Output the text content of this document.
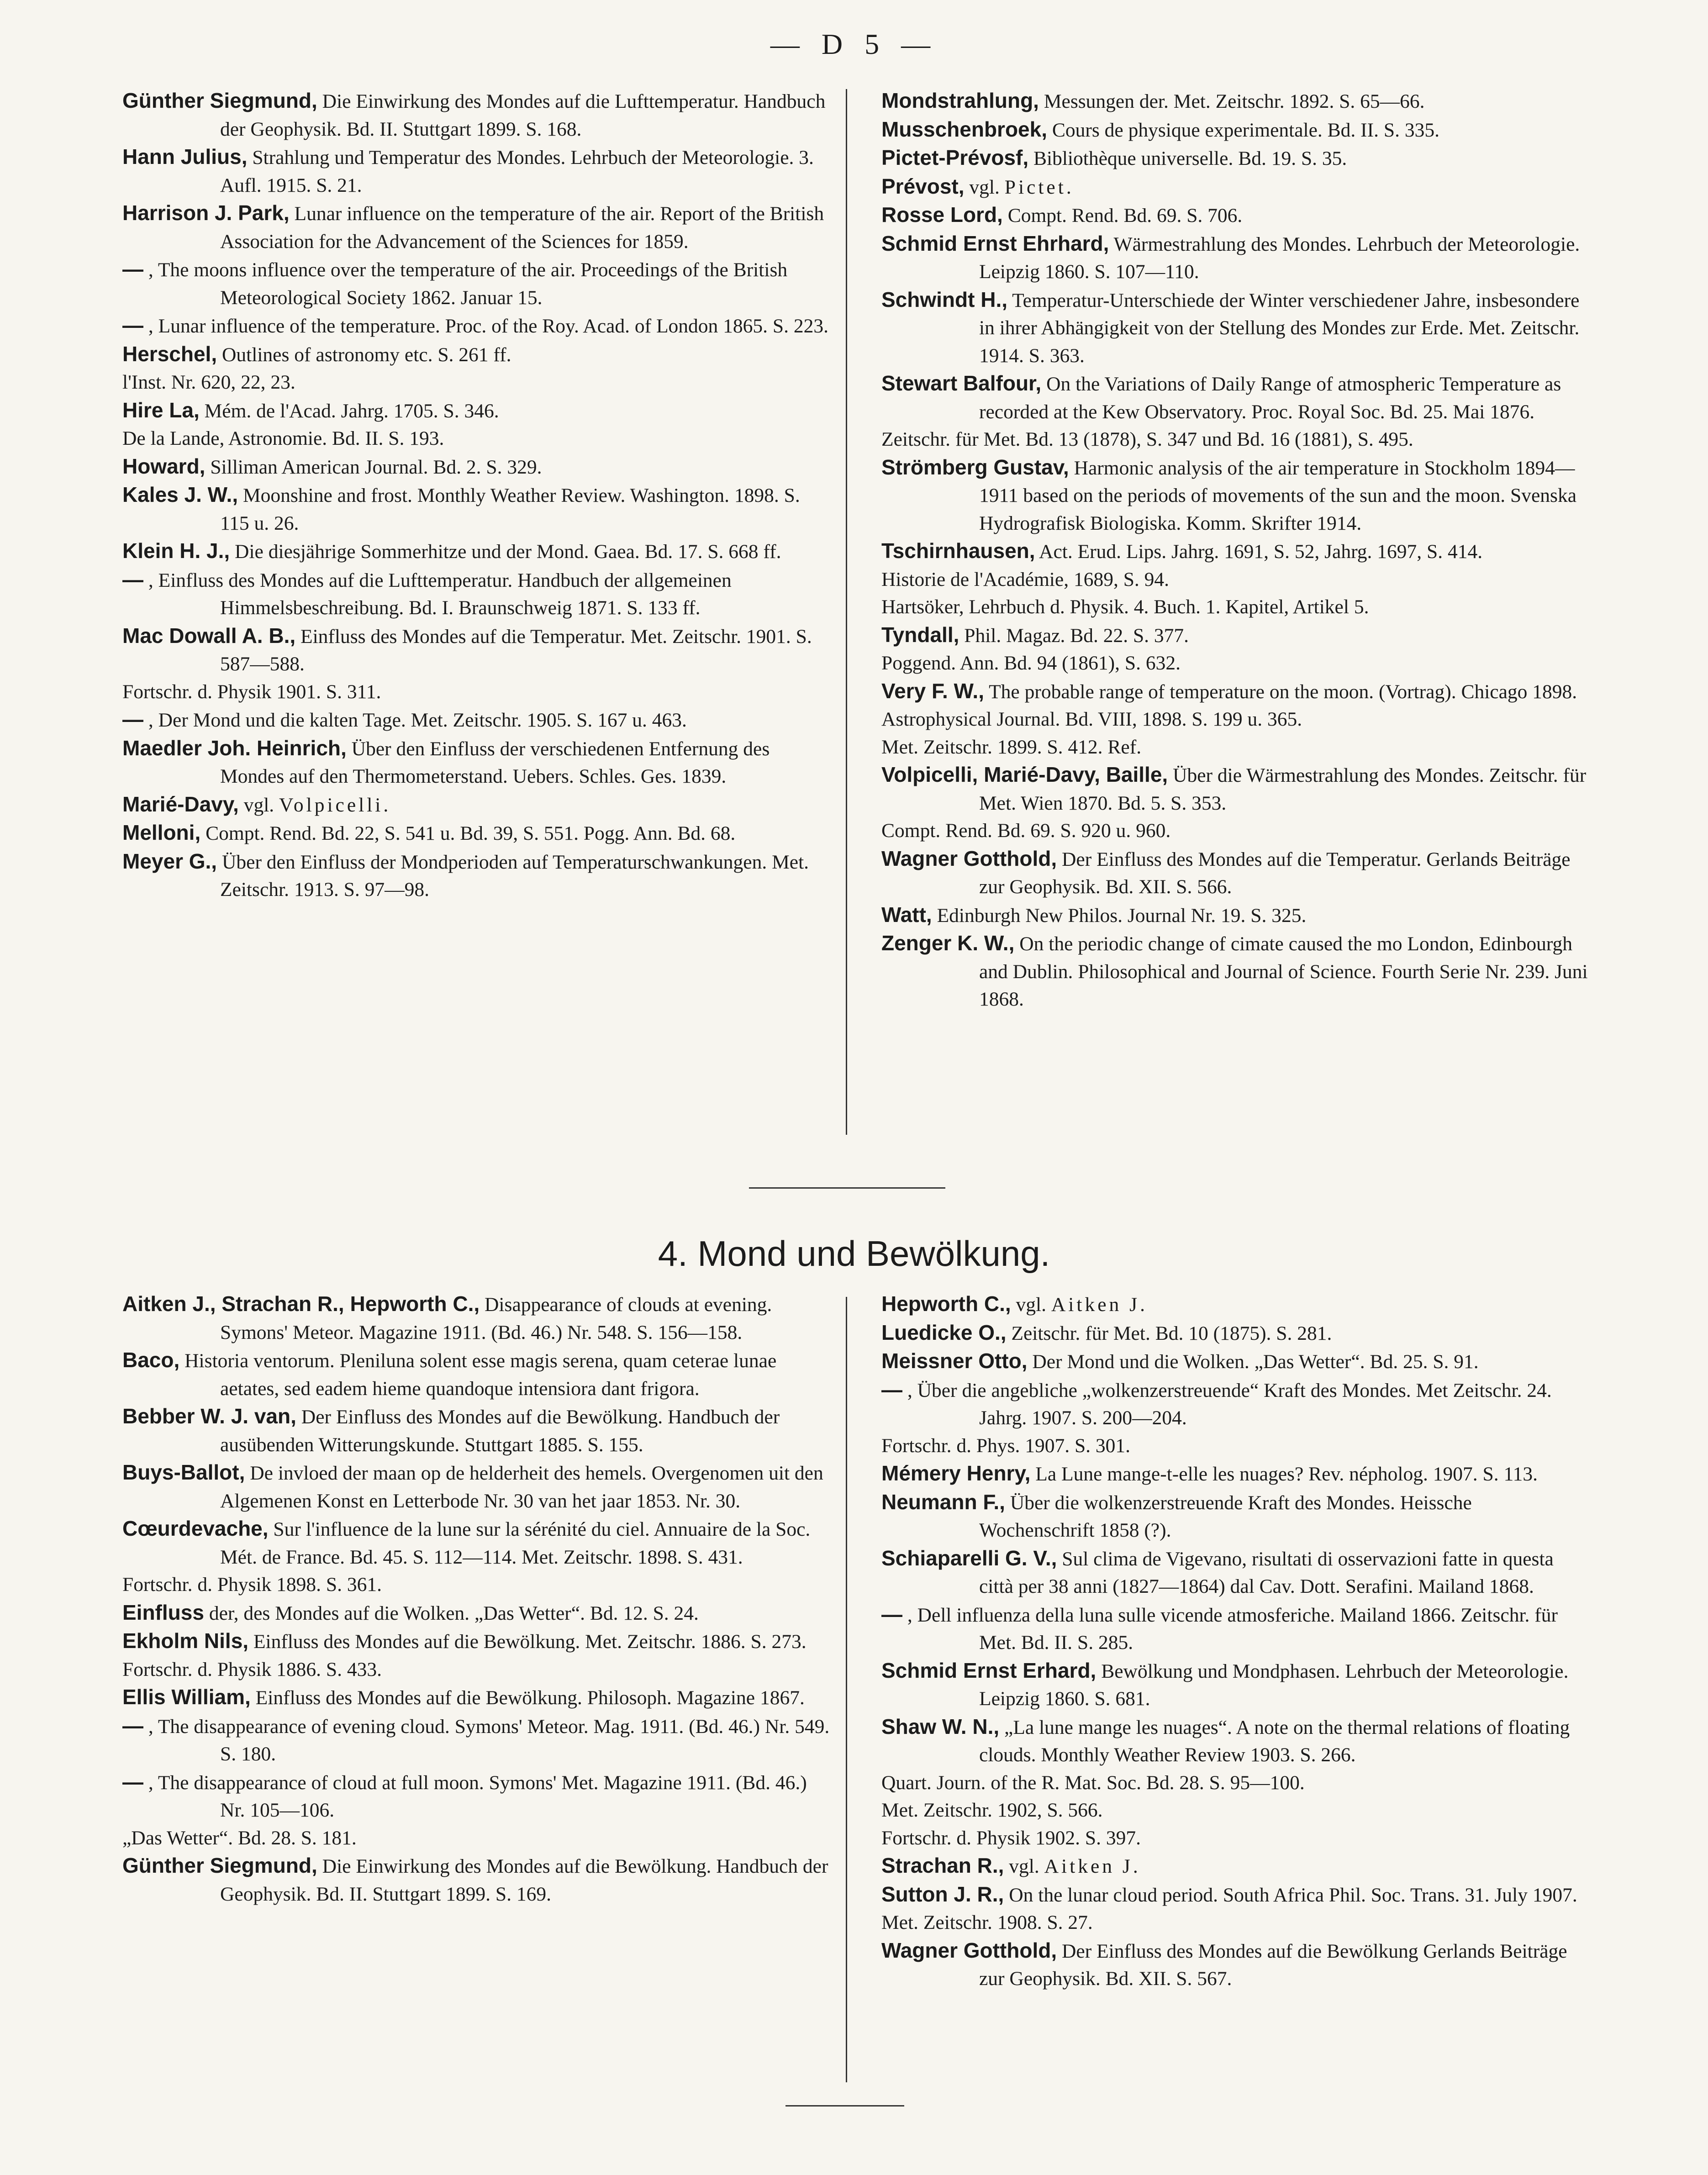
— D 5 —
Günther Siegmund, Die Einwirkung des Mondes auf die Lufttemperatur. Handbuch der Geophysik. Bd. II. Stuttgart 1899. S. 168.
Hann Julius, Strahlung und Temperatur des Mondes. Lehrbuch der Meteorologie. 3. Aufl. 1915. S. 21.
Harrison J. Park, Lunar influence on the temperature of the air. Report of the British Association for the Advancement of the Sciences for 1859.
— , The moons influence over the temperature of the air. Proceedings of the British Meteorological Society 1862. Januar 15.
— , Lunar influence of the temperature. Proc. of the Roy. Acad. of London 1865. S. 223.
Herschel, Outlines of astronomy etc. S. 261 ff.
l'Inst. Nr. 620, 22, 23.
Hire La, Mém. de l'Acad. Jahrg. 1705. S. 346.
De la Lande, Astronomie. Bd. II. S. 193.
Howard, Silliman American Journal. Bd. 2. S. 329.
Kales J. W., Moonshine and frost. Monthly Weather Review. Washington. 1898. S. 115 u. 26.
Klein H. J., Die diesjährige Sommerhitze und der Mond. Gaea. Bd. 17. S. 668 ff.
— , Einfluss des Mondes auf die Lufttemperatur. Handbuch der allgemeinen Himmelsbeschreibung. Bd. I. Braunschweig 1871. S. 133 ff.
Mac Dowall A. B., Einfluss des Mondes auf die Temperatur. Met. Zeitschr. 1901. S. 587—588.
Fortschr. d. Physik 1901. S. 311.
— , Der Mond und die kalten Tage. Met. Zeitschr. 1905. S. 167 u. 463.
Maedler Joh. Heinrich, Über den Einfluss der verschiedenen Entfernung des Mondes auf den Thermometerstand. Uebers. Schles. Ges. 1839.
Marié-Davy, vgl. Volpicelli.
Melloni, Compt. Rend. Bd. 22, S. 541 u. Bd. 39, S. 551. Pogg. Ann. Bd. 68.
Meyer G., Über den Einfluss der Mondperioden auf Temperaturschwankungen. Met. Zeitschr. 1913. S. 97—98.
Mondstrahlung, Messungen der. Met. Zeitschr. 1892. S. 65—66.
Musschenbroek, Cours de physique experimentale. Bd. II. S. 335.
Pictet-Prévosf, Bibliothèque universelle. Bd. 19. S. 35.
Prévost, vgl. Pictet.
Rosse Lord, Compt. Rend. Bd. 69. S. 706.
Schmid Ernst Ehrhard, Wärmestrahlung des Mondes. Lehrbuch der Meteorologie. Leipzig 1860. S. 107—110.
Schwindt H., Temperatur-Unterschiede der Winter verschiedener Jahre, insbesondere in ihrer Abhängigkeit von der Stellung des Mondes zur Erde. Met. Zeitschr. 1914. S. 363.
Stewart Balfour, On the Variations of Daily Range of atmospheric Temperature as recorded at the Kew Observatory. Proc. Royal Soc. Bd. 25. Mai 1876.
Zeitschr. für Met. Bd. 13 (1878), S. 347 und Bd. 16 (1881), S. 495.
Strömberg Gustav, Harmonic analysis of the air temperature in Stockholm 1894—1911 based on the periods of movements of the sun and the moon. Svenska Hydrografisk Biologiska. Komm. Skrifter 1914.
Tschirnhausen, Act. Erud. Lips. Jahrg. 1691, S. 52, Jahrg. 1697, S. 414.
Historie de l'Académie, 1689, S. 94.
Hartsöker, Lehrbuch d. Physik. 4. Buch. 1. Kapitel, Artikel 5.
Tyndall, Phil. Magaz. Bd. 22. S. 377.
Poggend. Ann. Bd. 94 (1861), S. 632.
Very F. W., The probable range of temperature on the moon. (Vortrag). Chicago 1898.
Astrophysical Journal. Bd. VIII, 1898. S. 199 u. 365.
Met. Zeitschr. 1899. S. 412. Ref.
Volpicelli, Marié-Davy, Baille, Über die Wärmestrahlung des Mondes. Zeitschr. für Met. Wien 1870. Bd. 5. S. 353.
Compt. Rend. Bd. 69. S. 920 u. 960.
Wagner Gotthold, Der Einfluss des Mondes auf die Temperatur. Gerlands Beiträge zur Geophysik. Bd. XII. S. 566.
Watt, Edinburgh New Philos. Journal Nr. 19. S. 325.
Zenger K. W., On the periodic change of cimate caused the mo London, Edinbourgh and Dublin. Philosophical and Journal of Science. Fourth Serie Nr. 239. Juni 1868.
4. Mond und Bewölkung.
Aitken J., Strachan R., Hepworth C., Disappearance of clouds at evening. Symons' Meteor. Magazine 1911. (Bd. 46.) Nr. 548. S. 156—158.
Baco, Historia ventorum. Pleniluna solent esse magis serena, quam ceterae lunae aetates, sed eadem hieme quandoque intensiora dant frigora.
Bebber W. J. van, Der Einfluss des Mondes auf die Bewölkung. Handbuch der ausübenden Witterungskunde. Stuttgart 1885. S. 155.
Buys-Ballot, De invloed der maan op de helderheit des hemels. Overgenomen uit den Algemenen Konst en Letterbode Nr. 30 van het jaar 1853. Nr. 30.
Cœurdevache, Sur l'influence de la lune sur la sérénité du ciel. Annuaire de la Soc. Mét. de France. Bd. 45. S. 112—114. Met. Zeitschr. 1898. S. 431.
Fortschr. d. Physik 1898. S. 361.
Einfluss der, des Mondes auf die Wolken. „Das Wetter“. Bd. 12. S. 24.
Ekholm Nils, Einfluss des Mondes auf die Bewölkung. Met. Zeitschr. 1886. S. 273.
Fortschr. d. Physik 1886. S. 433.
Ellis William, Einfluss des Mondes auf die Bewölkung. Philosoph. Magazine 1867.
— , The disappearance of evening cloud. Symons' Meteor. Mag. 1911. (Bd. 46.) Nr. 549. S. 180.
— , The disappearance of cloud at full moon. Symons' Met. Magazine 1911. (Bd. 46.) Nr. 105—106.
„Das Wetter“. Bd. 28. S. 181.
Günther Siegmund, Die Einwirkung des Mondes auf die Bewölkung. Handbuch der Geophysik. Bd. II. Stuttgart 1899. S. 169.
Hepworth C., vgl. Aitken J.
Luedicke O., Zeitschr. für Met. Bd. 10 (1875). S. 281.
Meissner Otto, Der Mond und die Wolken. „Das Wetter“. Bd. 25. S. 91.
— , Über die angebliche „wolkenzerstreuende“ Kraft des Mondes. Met Zeitschr. 24. Jahrg. 1907. S. 200—204.
Fortschr. d. Phys. 1907. S. 301.
Mémery Henry, La Lune mange-t-elle les nuages? Rev. népholog. 1907. S. 113.
Neumann F., Über die wolkenzerstreuende Kraft des Mondes. Heissche Wochenschrift 1858 (?).
Schiaparelli G. V., Sul clima de Vigevano, risultati di osservazioni fatte in questa città per 38 anni (1827—1864) dal Cav. Dott. Serafini. Mailand 1868.
— , Dell influenza della luna sulle vicende atmosferiche. Mailand 1866. Zeitschr. für Met. Bd. II. S. 285.
Schmid Ernst Erhard, Bewölkung und Mondphasen. Lehrbuch der Meteorologie. Leipzig 1860. S. 681.
Shaw W. N., „La lune mange les nuages“. A note on the thermal relations of floating clouds. Monthly Weather Review 1903. S. 266.
Quart. Journ. of the R. Mat. Soc. Bd. 28. S. 95—100.
Met. Zeitschr. 1902, S. 566.
Fortschr. d. Physik 1902. S. 397.
Strachan R., vgl. Aitken J.
Sutton J. R., On the lunar cloud period. South Africa Phil. Soc. Trans. 31. July 1907.
Met. Zeitschr. 1908. S. 27.
Wagner Gotthold, Der Einfluss des Mondes auf die Bewölkung Gerlands Beiträge zur Geophysik. Bd. XII. S. 567.
